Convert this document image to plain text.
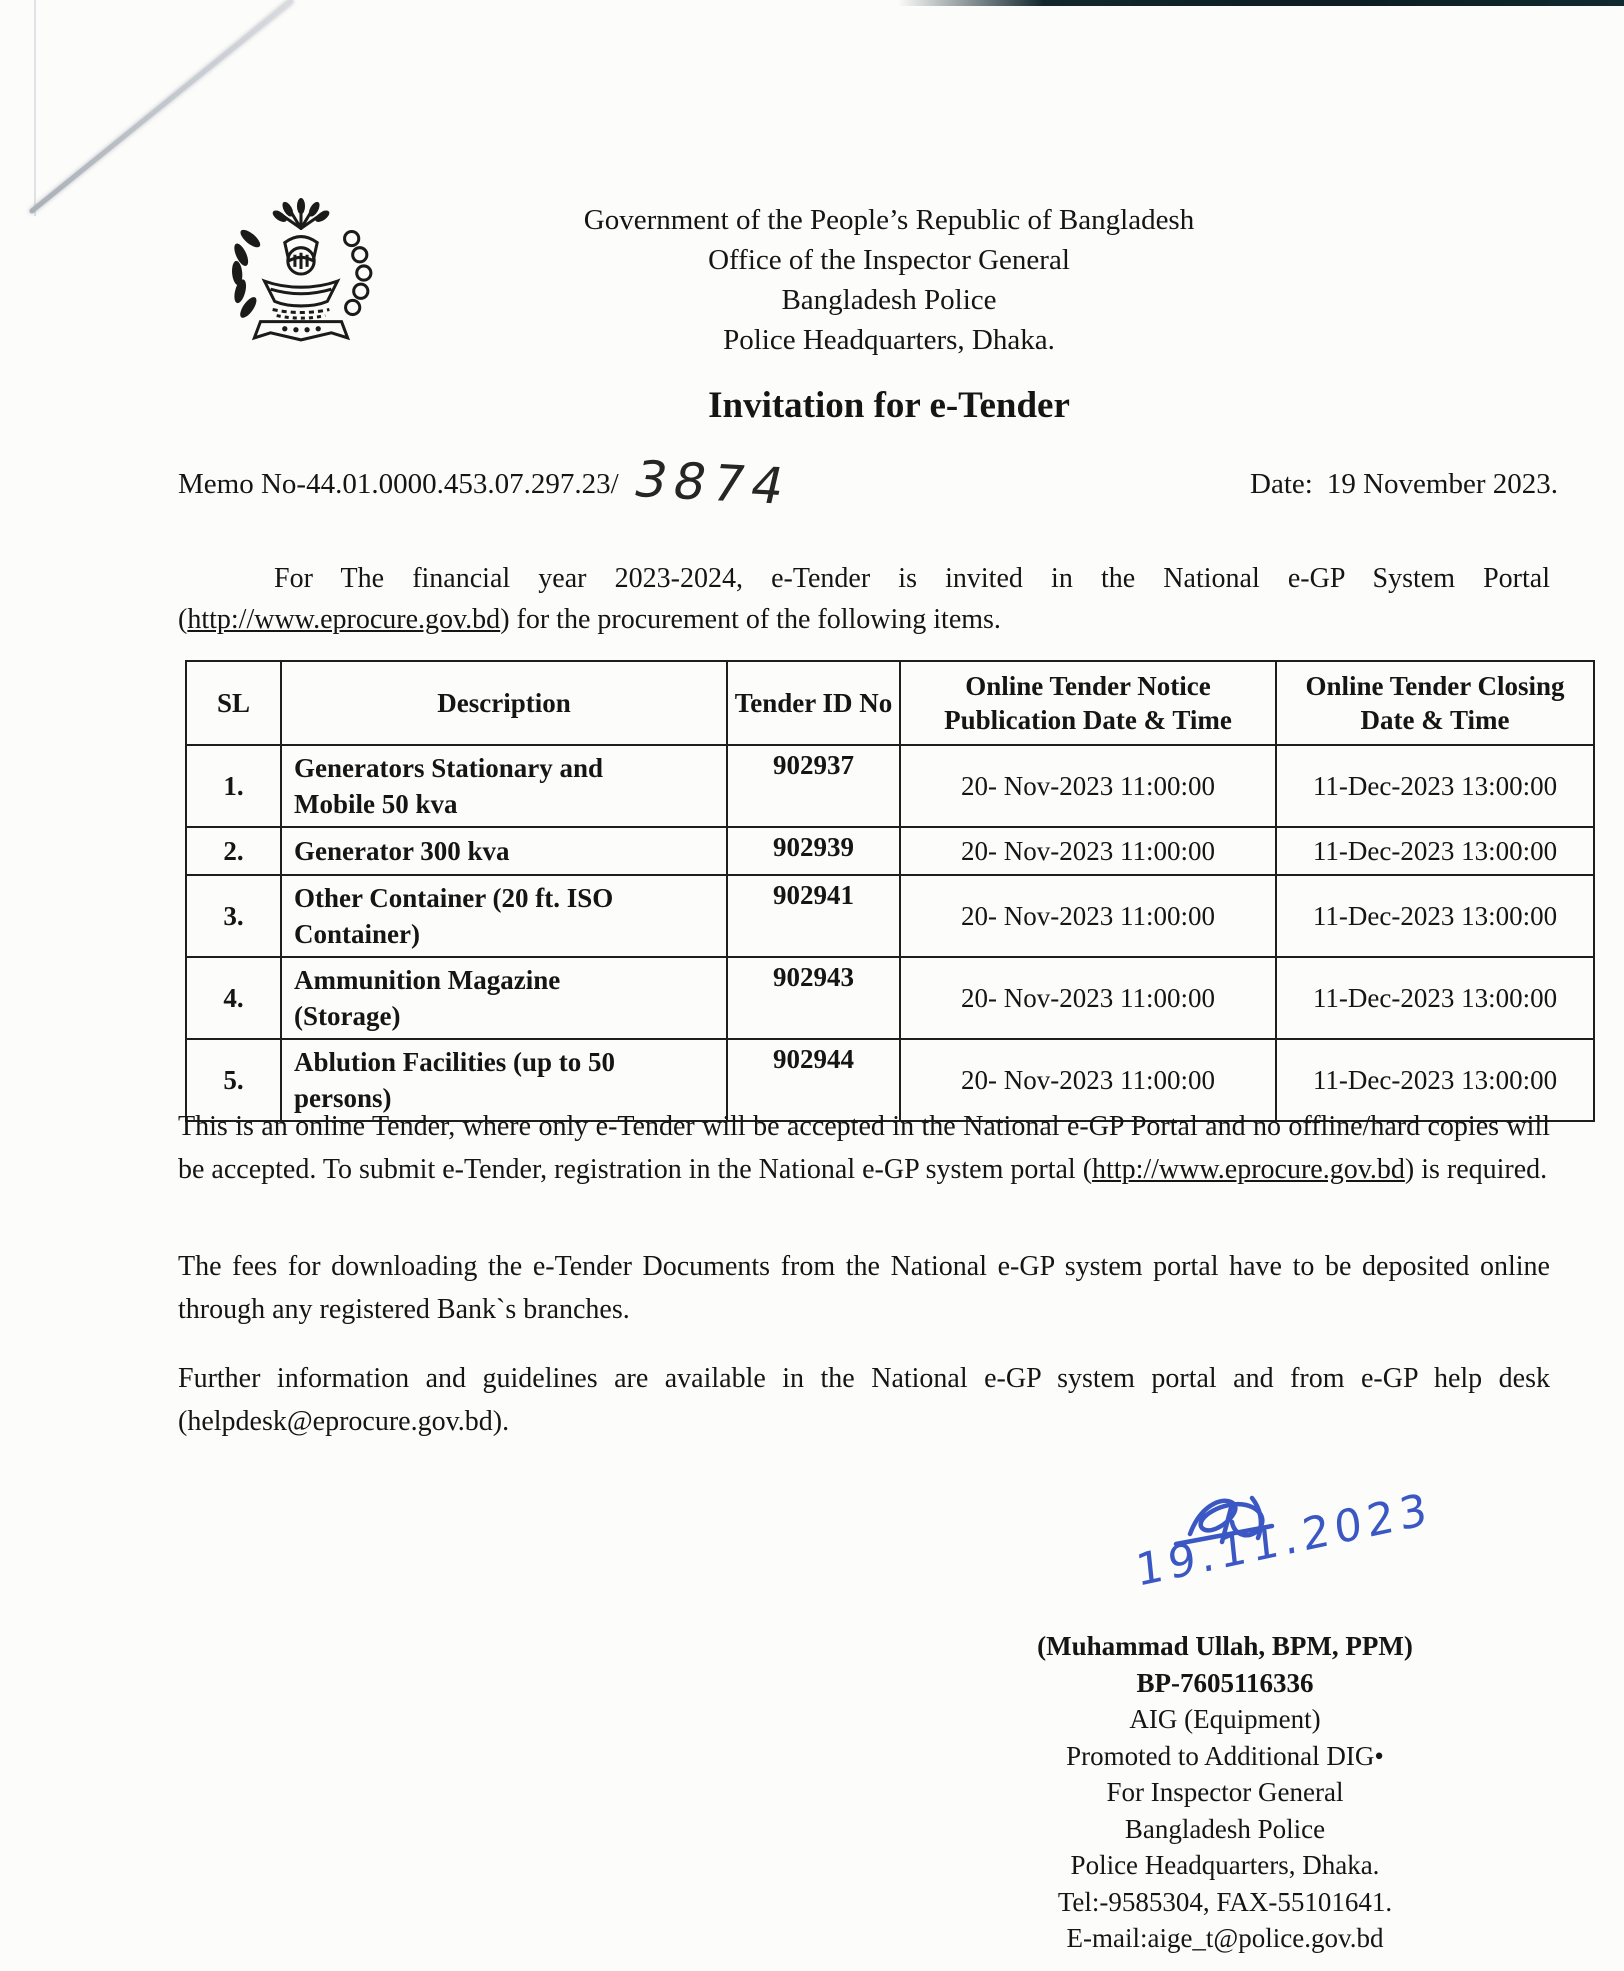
Government of the People’s Republic of Bangladesh
Office of the Inspector General
Bangladesh Police
Police Headquarters, Dhaka.
Invitation for e-Tender
Memo No-44.01.0000.453.07.297.23/ 3874	Date: 19 November 2023.
For The financial year 2023-2024, e-Tender is invited in the National e-GP System Portal (http://www.eprocure.gov.bd) for the procurement of the following items.
SL	Description	Tender ID No	Online Tender Notice Publication Date & Time	Online Tender Closing Date & Time
1.	Generators Stationary and Mobile 50 kva	902937	20- Nov-2023 11:00:00	11-Dec-2023 13:00:00
2.	Generator 300 kva	902939	20- Nov-2023 11:00:00	11-Dec-2023 13:00:00
3.	Other Container (20 ft. ISO Container)	902941	20- Nov-2023 11:00:00	11-Dec-2023 13:00:00
4.	Ammunition Magazine (Storage)	902943	20- Nov-2023 11:00:00	11-Dec-2023 13:00:00
5.	Ablution Facilities (up to 50 persons)	902944	20- Nov-2023 11:00:00	11-Dec-2023 13:00:00
This is an online Tender, where only e-Tender will be accepted in the National e-GP Portal and no offline/hard copies will be accepted. To submit e-Tender, registration in the National e-GP system portal (http://www.eprocure.gov.bd) is required.
The fees for downloading the e-Tender Documents from the National e-GP system portal have to be deposited online through any registered Bank`s branches.
Further information and guidelines are available in the National e-GP system portal and from e-GP help desk (helpdesk@eprocure.gov.bd).
19.11.2023
(Muhammad Ullah, BPM, PPM)
BP-7605116336
AIG (Equipment)
Promoted to Additional DIG•
For Inspector General
Bangladesh Police
Police Headquarters, Dhaka.
Tel:-9585304, FAX-55101641.
E-mail:aige_t@police.gov.bd
